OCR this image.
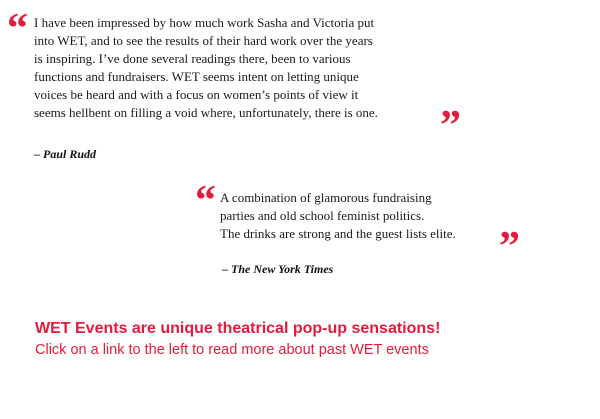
“ I have been impressed by how much work Sasha and Victoria put
into WET, and to see the results of their hard work over the years
is inspiring. I’ve done several readings there, been to various
functions and fundraisers. WET seems intent on letting unique
voices be heard and with a focus on women’s points of view it
seems hellbent on filling a void where, unfortunately, there is one. ”
– Paul Rudd
“ A combination of glamorous fundraising
parties and old school feminist politics.
The drinks are strong and the guest lists elite. ”
– The New York Times
WET Events are unique theatrical pop-up sensations!
Click on a link to the left to read more about past WET events
